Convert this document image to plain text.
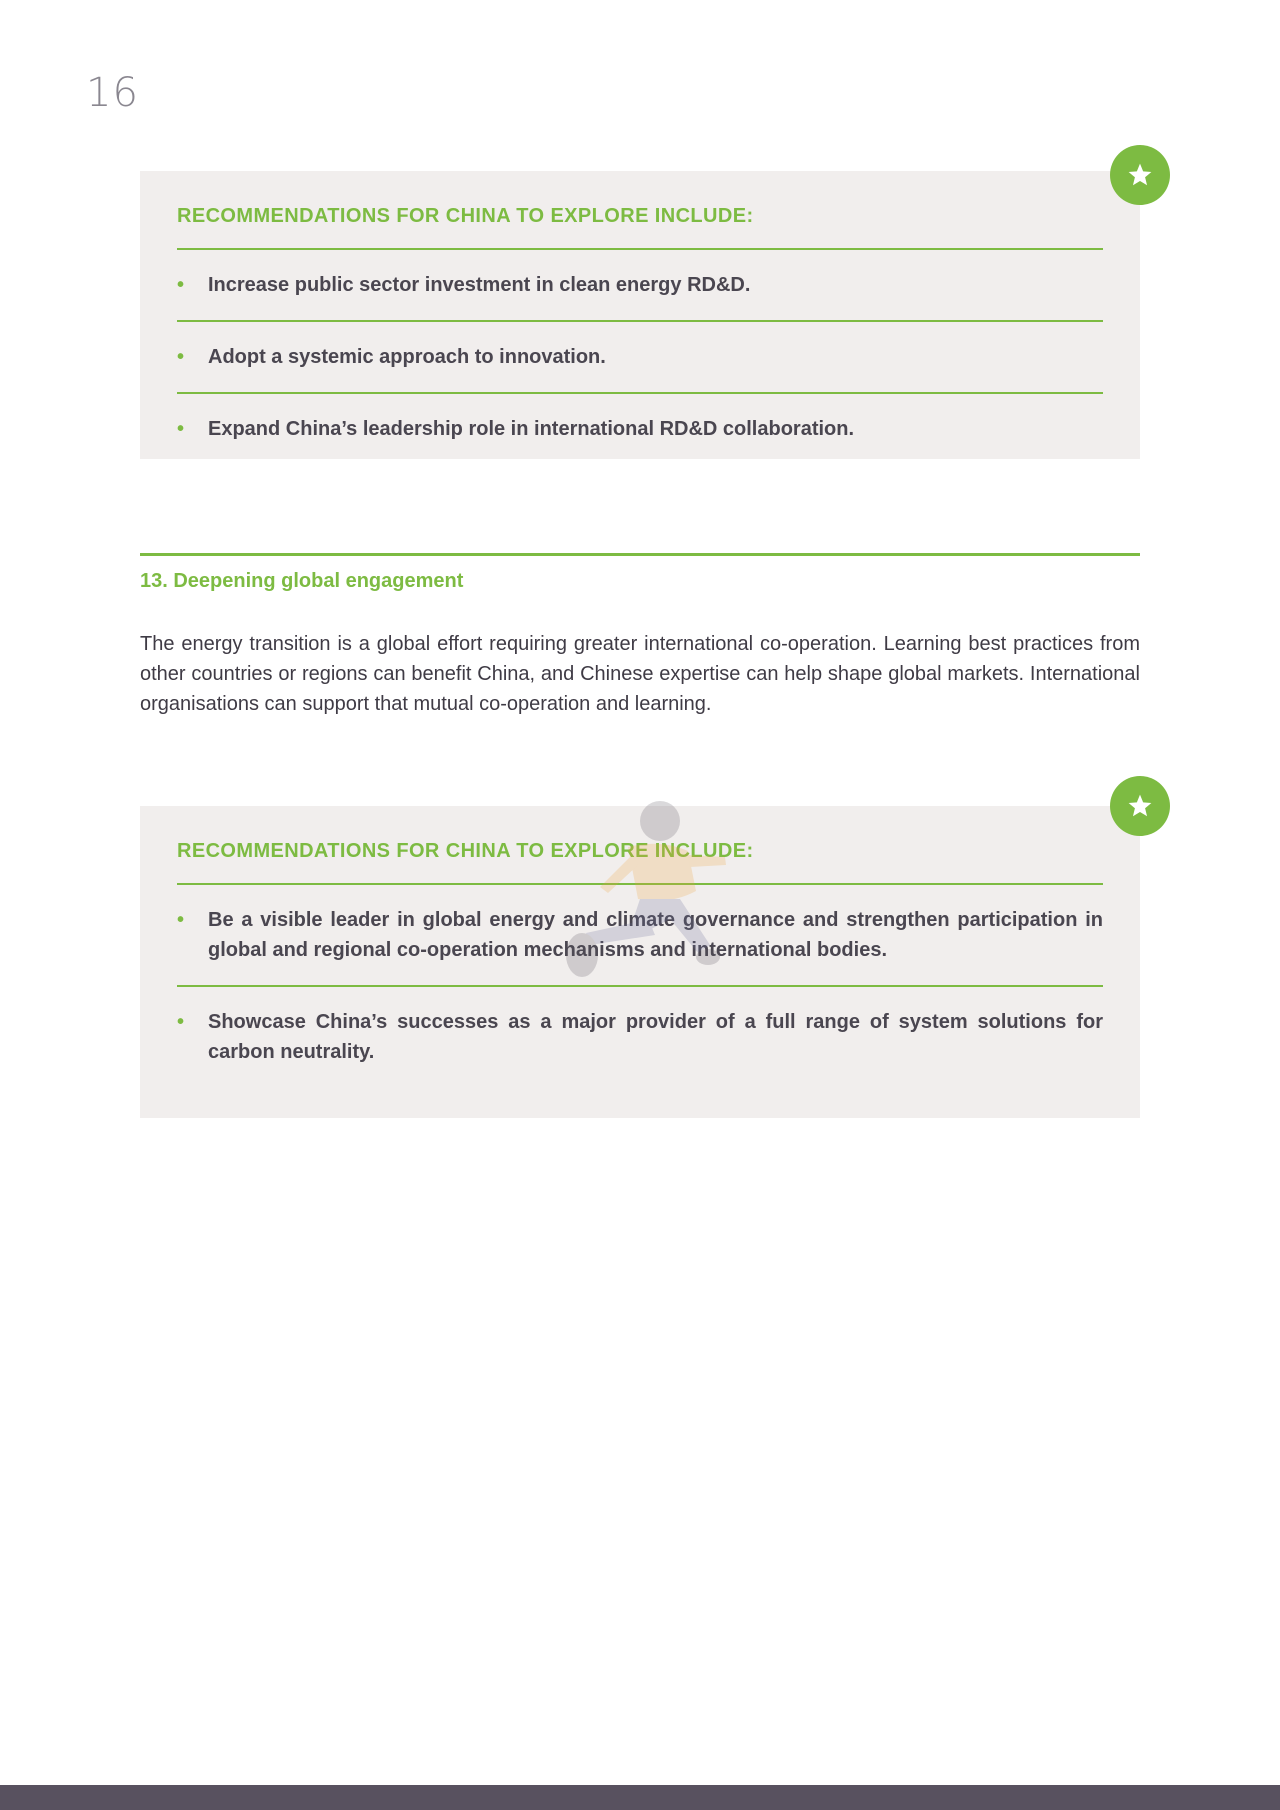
16
RECOMMENDATIONS FOR CHINA TO EXPLORE INCLUDE:
• Increase public sector investment in clean energy RD&D.
• Adopt a systemic approach to innovation.
• Expand China’s leadership role in international RD&D collaboration.
13. Deepening global engagement

The energy transition is a global effort requiring greater international co-operation. Learning best practices from other countries or regions can benefit China, and Chinese expertise can help shape global markets. International organisations can support that mutual co-operation and learning.

RECOMMENDATIONS FOR CHINA TO EXPLORE INCLUDE:
• Be a visible leader in global energy and climate governance and strengthen participation in global and regional co-operation mechanisms and international bodies.
• Showcase China’s successes as a major provider of a full range of system solutions for carbon neutrality.
